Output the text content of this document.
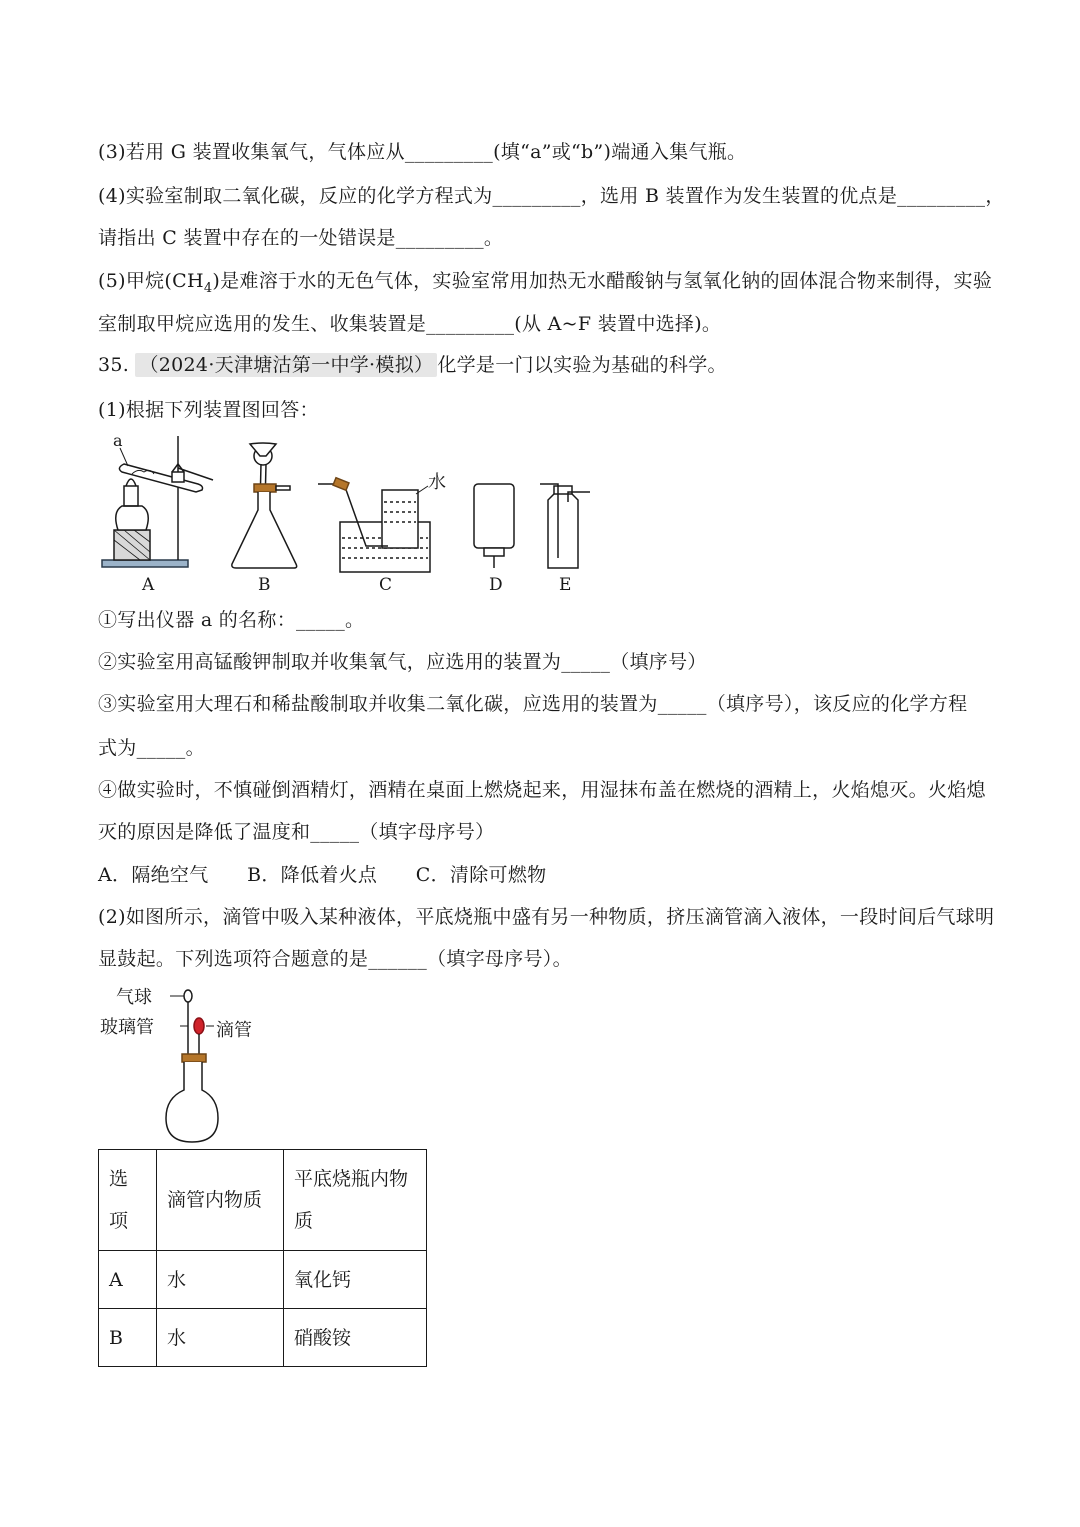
(3)若用 G 装置收集氧气，气体应从_________(填“a”或“b”)端通入集气瓶。
(4)实验室制取二氧化碳，反应的化学方程式为_________，选用 B 装置作为发生装置的优点是_________，
请指出 C 装置中存在的一处错误是_________。
(5)甲烷$(CH_4)$是难溶于水的无色气体，实验室常用加热无水醋酸钠与氢氧化钠的固体混合物来制得，实验
室制取甲烷应选用的发生、收集装置是_________(从 A~F 装置中选择)。
35. （2024·天津塘沽第一中学·模拟） 化学是一门以实验为基础的科学。
(1)根据下列装置图回答：
a
水
A	B	C	D	E
①写出仪器 a 的名称：_____。
②实验室用高锰酸钾制取并收集氧气，应选用的装置为_____（填序号）
③实验室用大理石和稀盐酸制取并收集二氧化碳，应选用的装置为_____（填序号），该反应的化学方程
式为_____。
④做实验时，不慎碰倒酒精灯，酒精在桌面上燃烧起来，用湿抹布盖在燃烧的酒精上，火焰熄灭。火焰熄
灭的原因是降低了温度和_____（填字母序号）
A．隔绝空气　　B．降低着火点　　C．清除可燃物
(2)如图所示，滴管中吸入某种液体，平底烧瓶中盛有另一种物质，挤压滴管滴入液体，一段时间后气球明
显鼓起。下列选项符合题意的是______（填字母序号）。
气球
玻璃管	滴管
选项	滴管内物质	平底烧瓶内物质
A	水	氧化钙
B	水	硝酸铵
